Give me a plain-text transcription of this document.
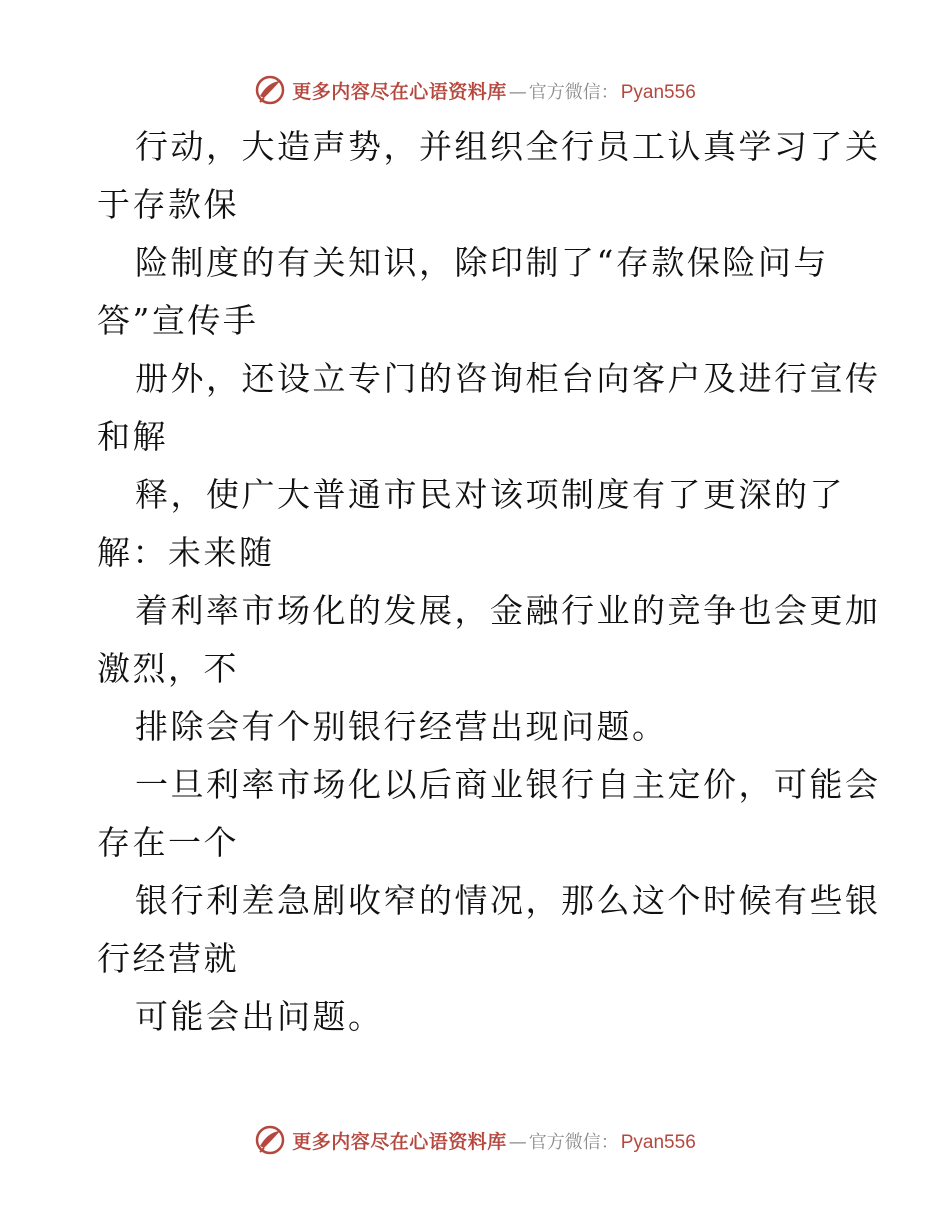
更多内容尽在心语资料库 — 官方微信： Pyan556
行动，大造声势，并组织全行员工认真学习了关
于存款保
险制度的有关知识，除印制了“存款保险问与
答”宣传手
册外，还设立专门的咨询柜台向客户及进行宣传
和解
释，使广大普通市民对该项制度有了更深的了
解：未来随
着利率市场化的发展，金融行业的竞争也会更加
激烈，不
排除会有个别银行经营出现问题。
一旦利率市场化以后商业银行自主定价，可能会
存在一个
银行利差急剧收窄的情况，那么这个时候有些银
行经营就
可能会出问题。
更多内容尽在心语资料库 — 官方微信： Pyan556
